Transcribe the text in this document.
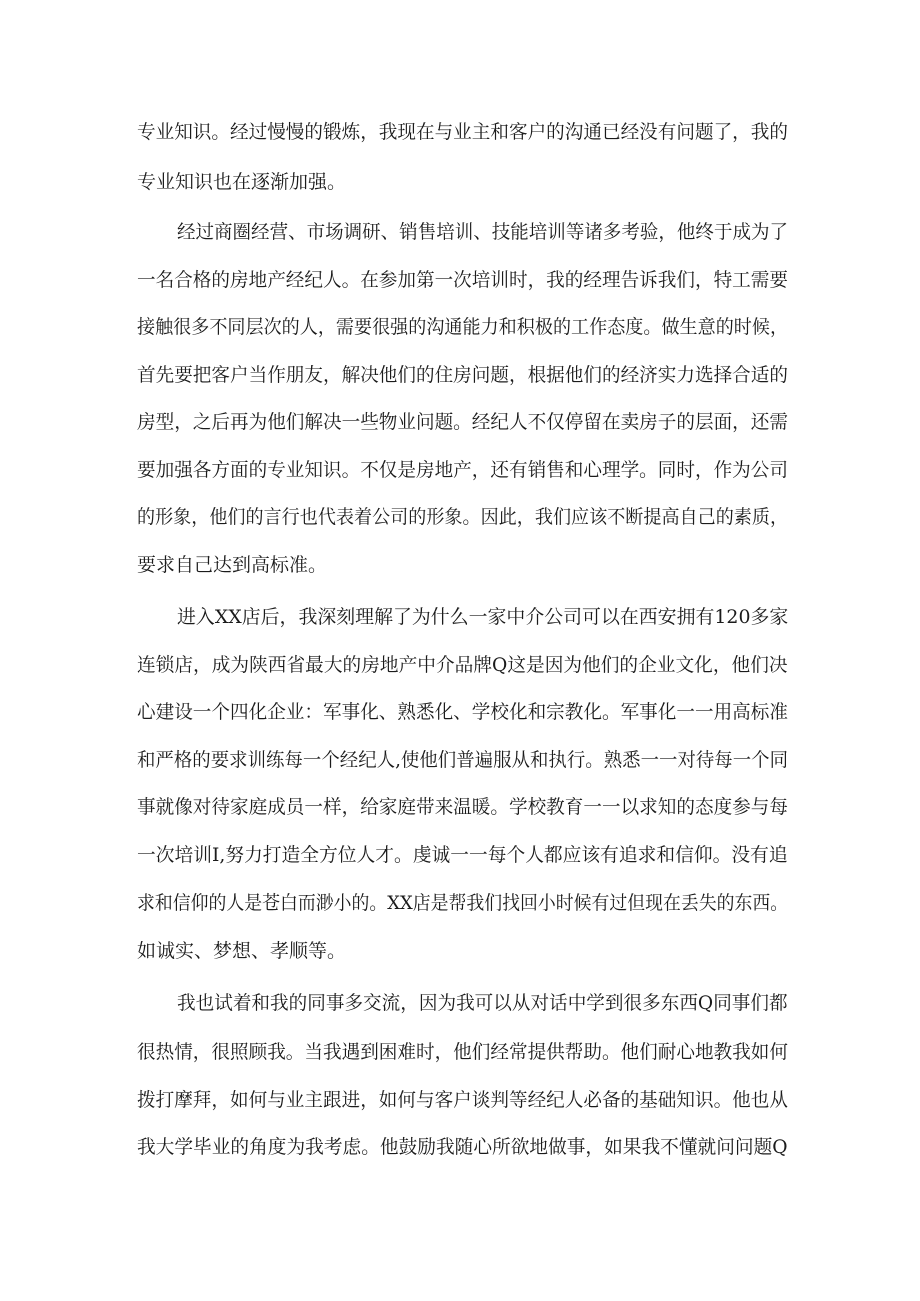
专业知识。经过慢慢的锻炼，我现在与业主和客户的沟通已经没有问题了，我的
专业知识也在逐渐加强。
经过商圈经营、市场调研、销售培训、技能培训等诸多考验，他终于成为了
一名合格的房地产经纪人。在参加第一次培训时，我的经理告诉我们，特工需要
接触很多不同层次的人，需要很强的沟通能力和积极的工作态度。做生意的时候，
首先要把客户当作朋友，解决他们的住房问题，根据他们的经济实力选择合适的
房型，之后再为他们解决一些物业问题。经纪人不仅停留在卖房子的层面，还需
要加强各方面的专业知识。不仅是房地产，还有销售和心理学。同时，作为公司
的形象，他们的言行也代表着公司的形象。因此，我们应该不断提高自己的素质，
要求自己达到高标准。
进入XX店后，我深刻理解了为什么一家中介公司可以在西安拥有120多家
连锁店，成为陕西省最大的房地产中介品牌Q这是因为他们的企业文化，他们决
心建设一个四化企业：军事化、熟悉化、学校化和宗教化。军事化一一用高标准
和严格的要求训练每一个经纪人,使他们普遍服从和执行。熟悉一一对待每一个同
事就像对待家庭成员一样，给家庭带来温暖。学校教育一一以求知的态度参与每
一次培训I,努力打造全方位人才。虔诚一一每个人都应该有追求和信仰。没有追
求和信仰的人是苍白而渺小的。XX店是帮我们找回小时候有过但现在丢失的东西。
如诚实、梦想、孝顺等。
我也试着和我的同事多交流，因为我可以从对话中学到很多东西Q同事们都
很热情，很照顾我。当我遇到困难时，他们经常提供帮助。他们耐心地教我如何
拨打摩拜，如何与业主跟进，如何与客户谈判等经纪人必备的基础知识。他也从
我大学毕业的角度为我考虑。他鼓励我随心所欲地做事，如果我不懂就问问题Q
